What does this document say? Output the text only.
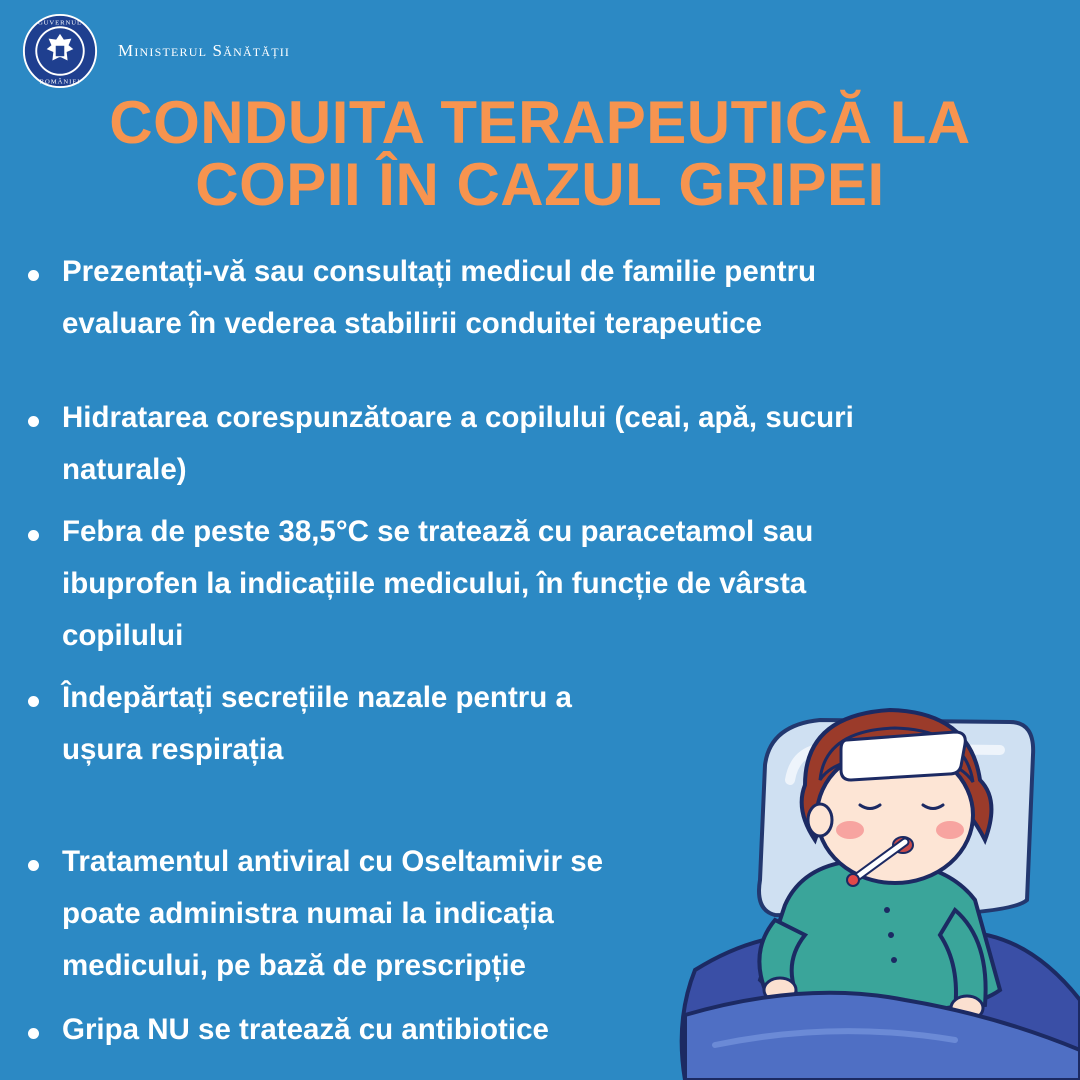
GUVERNUL
ROMÂNIEI
Ministerul Sănătății
CONDUITA TERAPEUTICĂ LA
COPII ÎN CAZUL GRIPEI
Prezentați-vă sau consultați medicul de familie pentru
evaluare în vederea stabilirii conduitei terapeutice
Hidratarea corespunzătoare a copilului (ceai, apă, sucuri
naturale)
Febra de peste 38,5°C se tratează cu paracetamol sau
ibuprofen la indicațiile medicului, în funcție de vârsta
copilului
Îndepărtați secrețiile nazale pentru a
ușura respirația
Tratamentul antiviral cu Oseltamivir se
poate administra numai la indicația
medicului, pe bază de prescripție
Gripa NU se tratează cu antibiotice
